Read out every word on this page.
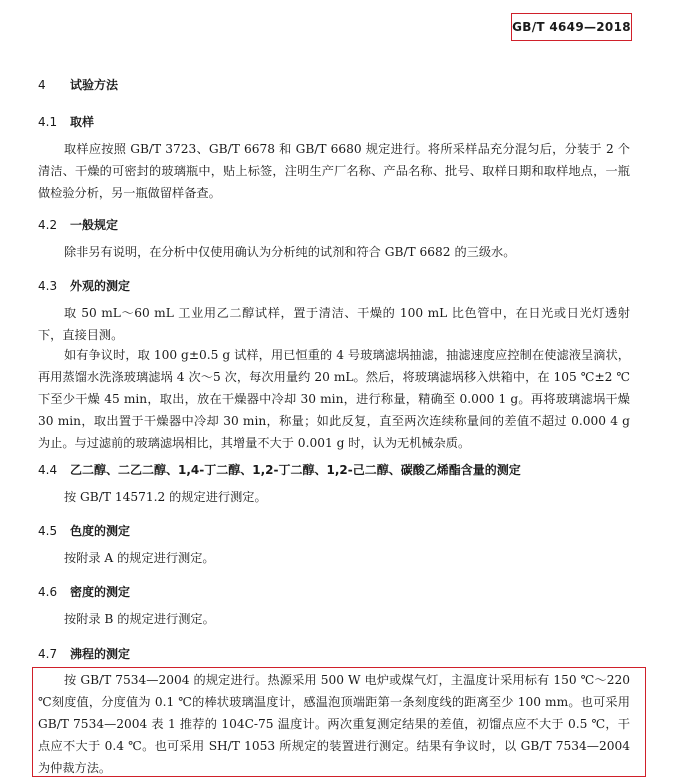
GB/T 4649—2018
4 试验方法
4.1 取样
取样应按照 GB/T 3723、GB/T 6678 和 GB/T 6680 规定进行。将所采样品充分混匀后，分装于 2 个清洁、干燥的可密封的玻璃瓶中，贴上标签，注明生产厂名称、产品名称、批号、取样日期和取样地点，一瓶做检验分析，另一瓶做留样备查。
4.2 一般规定
除非另有说明，在分析中仅使用确认为分析纯的试剂和符合 GB/T 6682 的三级水。
4.3 外观的测定
取 50 mL～60 mL 工业用乙二醇试样，置于清洁、干燥的 100 mL 比色管中，在日光或日光灯透射下，直接目测。
如有争议时，取 100 g±0.5 g 试样，用已恒重的 4 号玻璃滤埚抽滤，抽滤速度应控制在使滤液呈滴状，再用蒸馏水洗涤玻璃滤埚 4 次～5 次，每次用量约 20 mL。然后，将玻璃滤埚移入烘箱中，在 105 ℃±2 ℃下至少干燥 45 min，取出，放在干燥器中冷却 30 min，进行称量，精确至 0.000 1 g。再将玻璃滤埚干燥 30 min，取出置于干燥器中冷却 30 min，称量；如此反复，直至两次连续称量间的差值不超过 0.000 4 g 为止。与过滤前的玻璃滤埚相比，其增量不大于 0.001 g 时，认为无机械杂质。
4.4 乙二醇、二乙二醇、1,4-丁二醇、1,2-丁二醇、1,2-己二醇、碳酸乙烯酯含量的测定
按 GB/T 14571.2 的规定进行测定。
4.5 色度的测定
按附录 A 的规定进行测定。
4.6 密度的测定
按附录 B 的规定进行测定。
4.7 沸程的测定
按 GB/T 7534—2004 的规定进行。热源采用 500 W 电炉或煤气灯，主温度计采用标有 150 ℃～220 ℃刻度值，分度值为 0.1 ℃的棒状玻璃温度计，感温泡顶端距第一条刻度线的距离至少 100 mm。也可采用 GB/T 7534—2004 表 1 推荐的 104C-75 温度计。两次重复测定结果的差值，初馏点应不大于 0.5 ℃，干点应不大于 0.4 ℃。也可采用 SH/T 1053 所规定的装置进行测定。结果有争议时，以 GB/T 7534—2004 为仲裁方法。
